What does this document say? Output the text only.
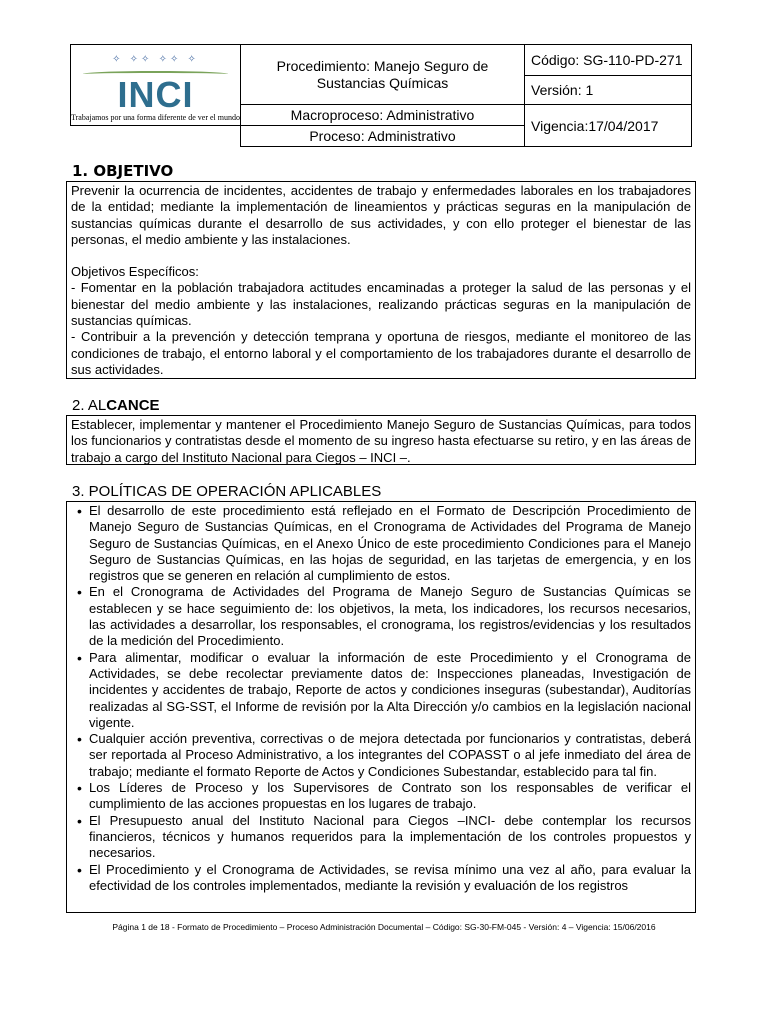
✧ ✧✧ ✧✧ ✧
INCI
Trabajamos por una forma diferente de ver el mundo	Procedimiento: Manejo Seguro de Sustancias Químicas	Código: SG-110-PD-271
		Versión: 1
	Macroproceso: Administrativo	Vigencia:17/04/2017
	Proceso: Administrativo	
1. OBJETIVO

Prevenir la ocurrencia de incidentes, accidentes de trabajo y enfermedades laborales en los trabajadores de la entidad; mediante la implementación de lineamientos y prácticas seguras en la manipulación de sustancias químicas durante el desarrollo de sus actividades, y con ello proteger el bienestar de las personas, el medio ambiente y las instalaciones.

Objetivos Específicos:

- Fomentar en la población trabajadora actitudes encaminadas a proteger la salud de las personas y el bienestar del medio ambiente y las instalaciones, realizando prácticas seguras en la manipulación de sustancias químicas.

- Contribuir a la prevención y detección temprana y oportuna de riesgos, mediante el monitoreo de las condiciones de trabajo, el entorno laboral y el comportamiento de los trabajadores durante el desarrollo de sus actividades.

2. ALCANCE

Establecer, implementar y mantener el Procedimiento Manejo Seguro de Sustancias Químicas, para todos los funcionarios y contratistas desde el momento de su ingreso hasta efectuarse su retiro, y en las áreas de trabajo a cargo del Instituto Nacional para Ciegos – INCI –.

3. POLÍTICAS DE OPERACIÓN APLICABLES
• El desarrollo de este procedimiento está reflejado en el Formato de Descripción Procedimiento de Manejo Seguro de Sustancias Químicas, en el Cronograma de Actividades del Programa de Manejo Seguro de Sustancias Químicas, en el Anexo Único de este procedimiento Condiciones para el Manejo Seguro de Sustancias Químicas, en las hojas de seguridad, en las tarjetas de emergencia, y en los registros que se generen en relación al cumplimiento de estos.
• En el Cronograma de Actividades del Programa de Manejo Seguro de Sustancias Químicas se establecen y se hace seguimiento de: los objetivos, la meta, los indicadores, los recursos necesarios, las actividades a desarrollar, los responsables, el cronograma, los registros/evidencias y los resultados de la medición del Procedimiento.
• Para alimentar, modificar o evaluar la información de este Procedimiento y el Cronograma de Actividades, se debe recolectar previamente datos de: Inspecciones planeadas, Investigación de incidentes y accidentes de trabajo, Reporte de actos y condiciones inseguras (subestandar), Auditorías realizadas al SG-SST, el Informe de revisión por la Alta Dirección y/o cambios en la legislación nacional vigente.
• Cualquier acción preventiva, correctivas o de mejora detectada por funcionarios y contratistas, deberá ser reportada al Proceso Administrativo, a los integrantes del COPASST o al jefe inmediato del área de trabajo; mediante el formato Reporte de Actos y Condiciones Subestandar, establecido para tal fin.
• Los Líderes de Proceso y los Supervisores de Contrato son los responsables de verificar el cumplimiento de las acciones propuestas en los lugares de trabajo.
• El Presupuesto anual del Instituto Nacional para Ciegos –INCI- debe contemplar los recursos financieros, técnicos y humanos requeridos para la implementación de los controles propuestos y necesarios.
• El Procedimiento y el Cronograma de Actividades, se revisa mínimo una vez al año, para evaluar la efectividad de los controles implementados, mediante la revisión y evaluación de los registros
Página 1 de 18 - Formato de Procedimiento – Proceso Administración Documental – Código: SG-30-FM-045 - Versión: 4 – Vigencia: 15/06/2016
